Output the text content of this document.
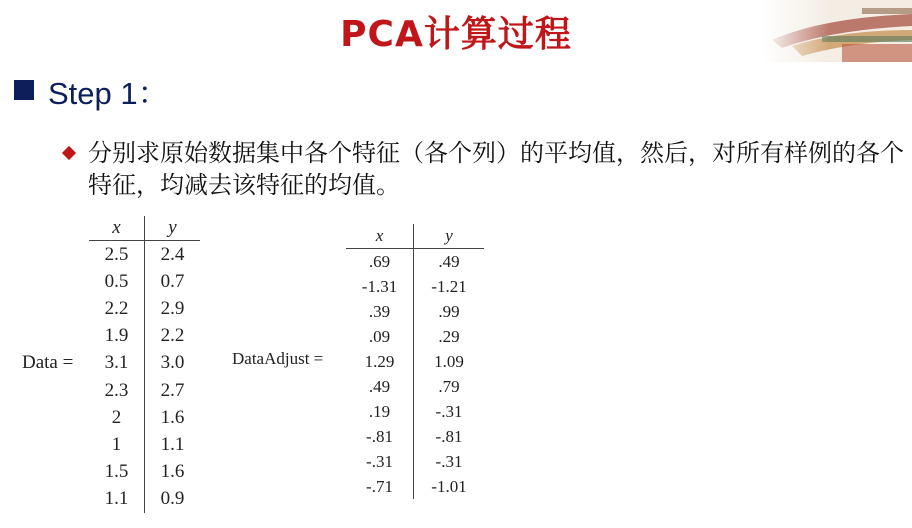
PCA计算过程
Step 1：
分别求原始数据集中各个特征（各个列）的平均值，然后，对所有样例的各个特征，均减去该特征的均值。
Data =
x	y
2.5	2.4
0.5	0.7
2.2	2.9
1.9	2.2
3.1	3.0
2.3	2.7
2	1.6
1	1.1
1.5	1.6
1.1	0.9
DataAdjust =
x	y
.69	.49
-1.31	-1.21
.39	.99
.09	.29
1.29	1.09
.49	.79
.19	-.31
-.81	-.81
-.31	-.31
-.71	-1.01
